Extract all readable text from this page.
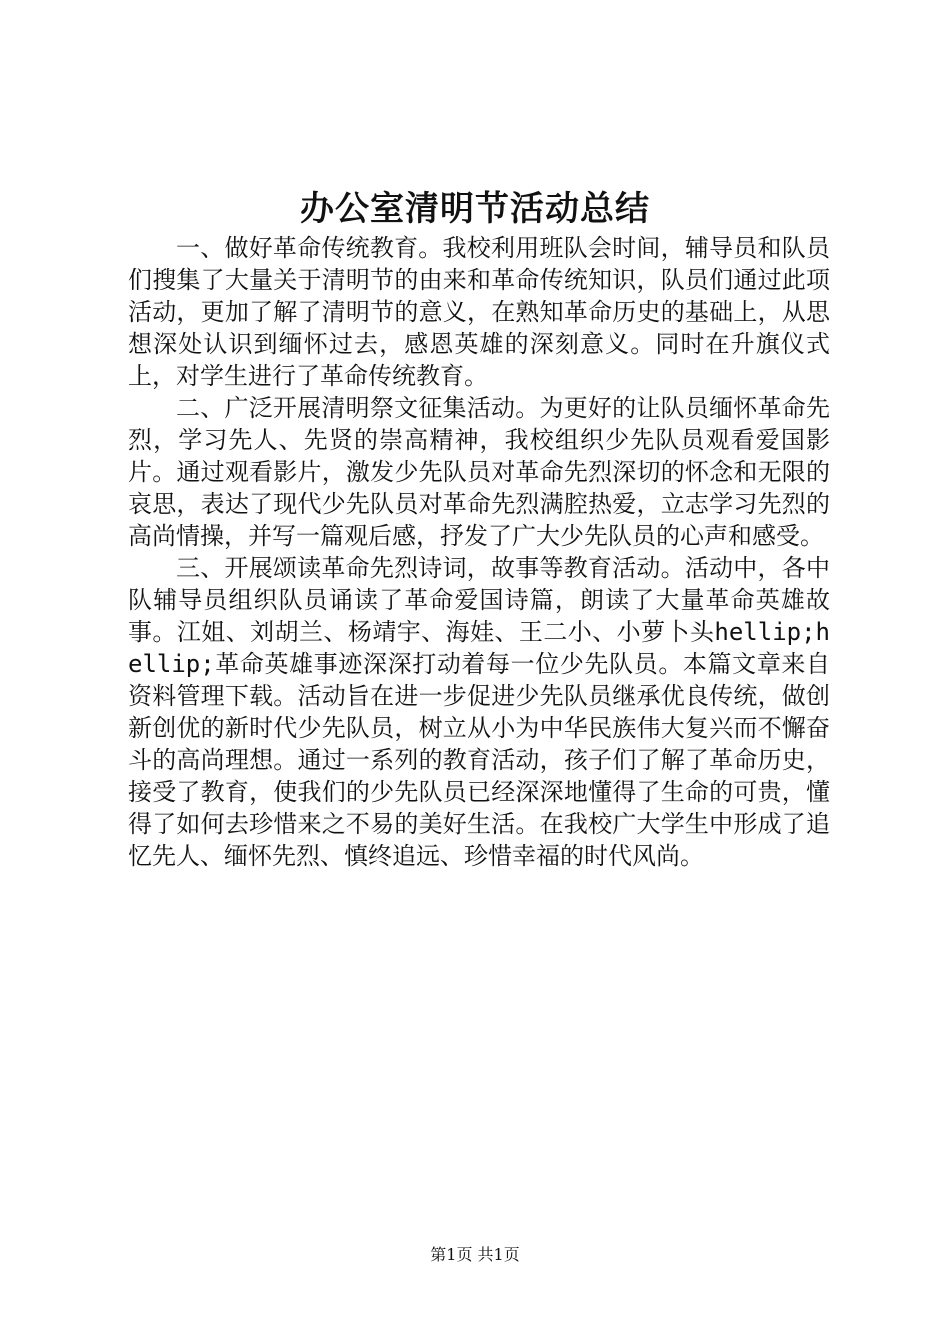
办公室清明节活动总结

一、做好革命传统教育。我校利用班队会时间，辅导员和队员们搜集了大量关于清明节的由来和革命传统知识，队员们通过此项活动，更加了解了清明节的意义，在熟知革命历史的基础上，从思想深处认识到缅怀过去，感恩英雄的深刻意义。同时在升旗仪式上，对学生进行了革命传统教育。

二、广泛开展清明祭文征集活动。为更好的让队员缅怀革命先烈，学习先人、先贤的崇高精神，我校组织少先队员观看爱国影片。通过观看影片，激发少先队员对革命先烈深切的怀念和无限的哀思，表达了现代少先队员对革命先烈满腔热爱，立志学习先烈的高尚情操，并写一篇观后感，抒发了广大少先队员的心声和感受。

三、开展颂读革命先烈诗词，故事等教育活动。活动中，各中队辅导员组织队员诵读了革命爱国诗篇，朗读了大量革命英雄故事。江姐、刘胡兰、杨靖宇、海娃、王二小、小萝卜头hellip;hellip;革命英雄事迹深深打动着每一位少先队员。本篇文章来自资料管理下载。活动旨在进一步促进少先队员继承优良传统，做创新创优的新时代少先队员，树立从小为中华民族伟大复兴而不懈奋斗的高尚理想。通过一系列的教育活动，孩子们了解了革命历史，接受了教育，使我们的少先队员已经深深地懂得了生命的可贵，懂得了如何去珍惜来之不易的美好生活。在我校广大学生中形成了追忆先人、缅怀先烈、慎终追远、珍惜幸福的时代风尚。

第1页 共1页
